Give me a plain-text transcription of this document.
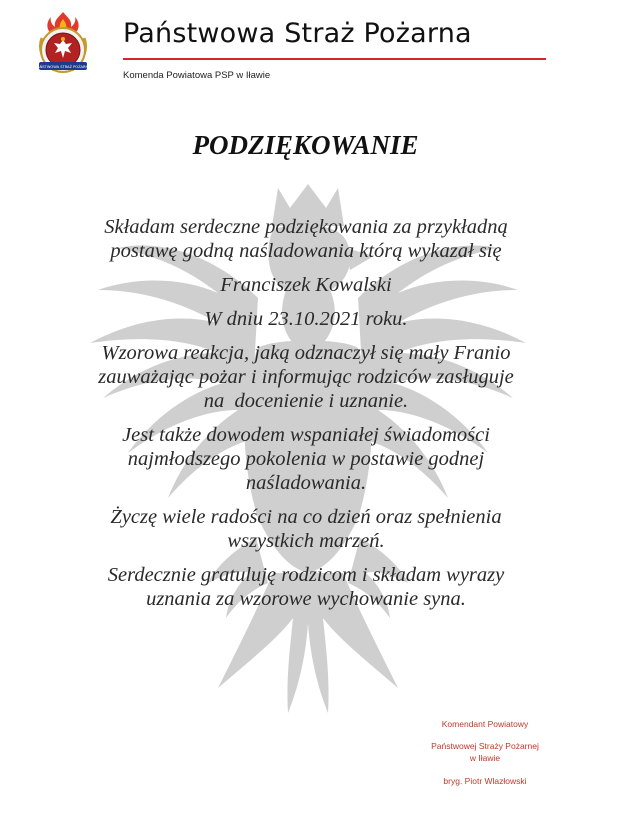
PAŃSTWOWA STRAŻ POŻARNA
Państwowa Straż Pożarna
Komenda Powiatowa PSP w Iławie
PODZIĘKOWANIE

Składam serdeczne podziękowania za przykładną
postawę godną naśladowania którą wykazał się

Franciszek Kowalski

W dniu 23.10.2021 roku.

Wzorowa reakcja, jaką odznaczył się mały Franio
zauważając pożar i informując rodziców zasługuje
na  docenienie i uznanie.

Jest także dowodem wspaniałej świadomości
najmłodszego pokolenia w postawie godnej
naśladowania.

Życzę wiele radości na co dzień oraz spełnienia
wszystkich marzeń.

Serdecznie gratuluję rodzicom i składam wyrazy
uznania za wzorowe wychowanie syna.

Komendant Powiatowy
Państwowej Straży Pożarnej
w Iławie
bryg. Piotr Wlazłowski
